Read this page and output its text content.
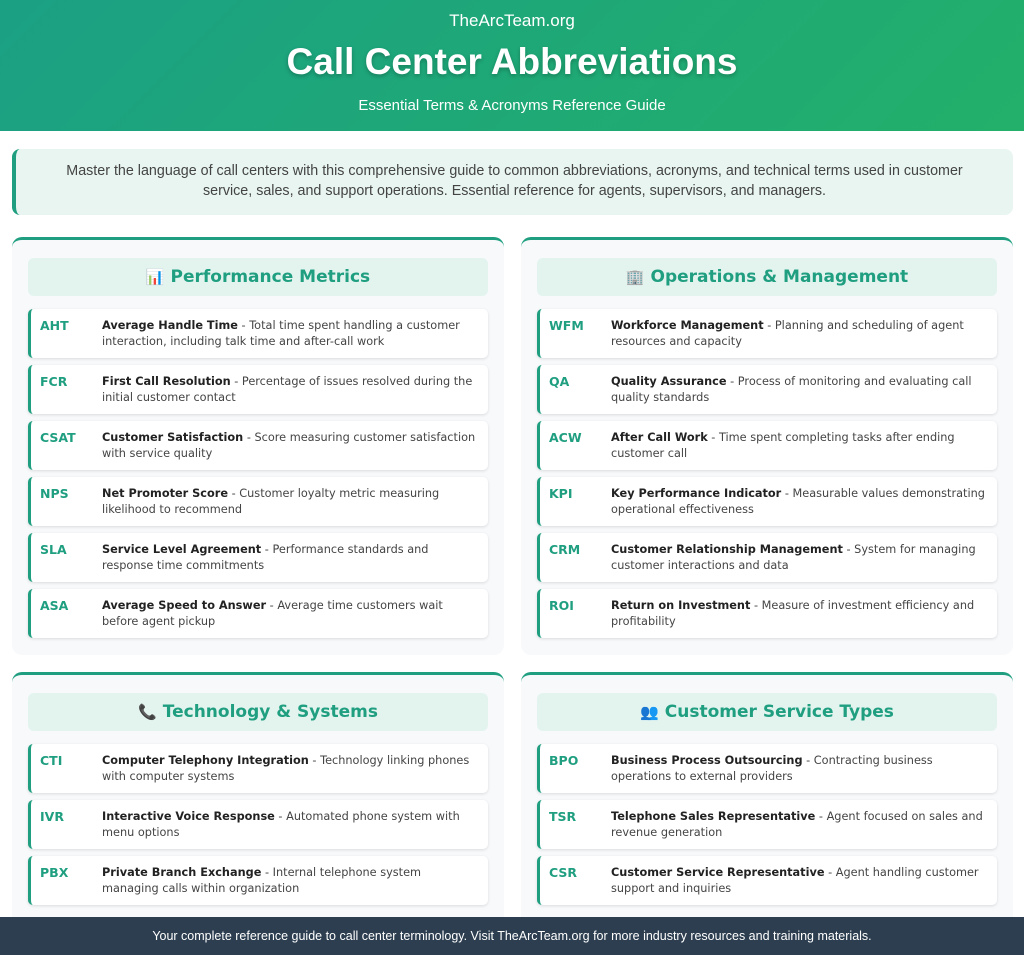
TheArcTeam.org
Call Center Abbreviations
Essential Terms & Acronyms Reference Guide
Master the language of call centers with this comprehensive guide to common abbreviations, acronyms, and technical terms used in customer service, sales, and support operations. Essential reference for agents, supervisors, and managers.
📊 Performance Metrics
AHT	Average Handle Time - Total time spent handling a customer interaction, including talk time and after-call work
FCR	First Call Resolution - Percentage of issues resolved during the initial customer contact
CSAT	Customer Satisfaction - Score measuring customer satisfaction with service quality
NPS	Net Promoter Score - Customer loyalty metric measuring likelihood to recommend
SLA	Service Level Agreement - Performance standards and response time commitments
ASA	Average Speed to Answer - Average time customers wait before agent pickup
🏢 Operations & Management
WFM	Workforce Management - Planning and scheduling of agent resources and capacity
QA	Quality Assurance - Process of monitoring and evaluating call quality standards
ACW	After Call Work - Time spent completing tasks after ending customer call
KPI	Key Performance Indicator - Measurable values demonstrating operational effectiveness
CRM	Customer Relationship Management - System for managing customer interactions and data
ROI	Return on Investment - Measure of investment efficiency and profitability
📞 Technology & Systems
CTI	Computer Telephony Integration - Technology linking phones with computer systems
IVR	Interactive Voice Response - Automated phone system with menu options
PBX	Private Branch Exchange - Internal telephone system managing calls within organization
👥 Customer Service Types
BPO	Business Process Outsourcing - Contracting business operations to external providers
TSR	Telephone Sales Representative - Agent focused on sales and revenue generation
CSR	Customer Service Representative - Agent handling customer support and inquiries
Your complete reference guide to call center terminology. Visit TheArcTeam.org for more industry resources and training materials.
